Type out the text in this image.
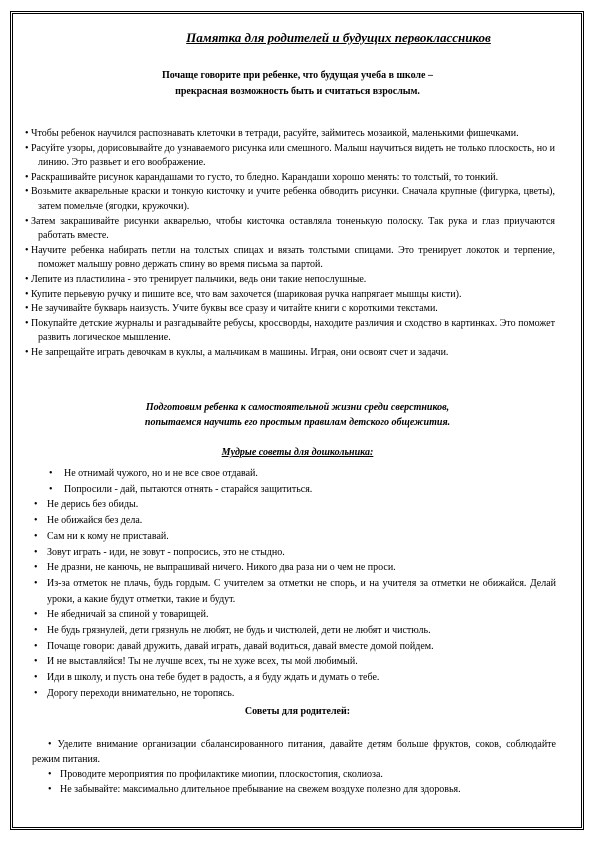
Памятка для родителей и будущих первоклассников
Почаще говорите при ребенке, что будущая учеба в школе –
прекрасная возможность быть и считаться взрослым.
• Чтобы ребенок научился распознавать клеточки в тетради, расуйте, займитесь мозаикой, маленькими фишечками.
• Расуйте узоры, дорисовывайте до узнаваемого рисунка или смешного. Малыш научиться видеть не только плоскость, но и линию. Это развьет и его воображение.
• Раскрашивайте рисунок карандашами то густо, то бледно. Карандаши хорошо менять: то толстый, то тонкий.
• Возьмите акварельные краски и тонкую кисточку и учите ребенка обводить рисунки. Сначала крупные (фигурка, цветы), затем помельче (ягодки, кружочки).
• Затем закрашивайте рисунки акварелью, чтобы кисточка оставляла тоненькую полоску. Так рука и глаз приучаются работать вместе.
• Научите ребенка набирать петли на толстых спицах и вязать толстыми спицами. Это тренирует локоток и терпение, поможет малышу ровно держать спину во время письма за партой.
• Лепите из пластилина - это тренирует пальчики, ведь они такие непослушные.
• Купите перьевую ручку и пишите все, что вам захочется (шариковая ручка напрягает мышцы кисти).
• Не заучивайте букварь наизусть. Учите буквы все сразу и читайте книги с короткими текстами.
• Покупайте детские журналы и разгадывайте ребусы, кроссворды, находите различия и сходство в картинках. Это поможет развить логическое мышление.
• Не запрещайте играть девочкам в куклы, а мальчикам в машины. Играя, они освоят счет и задачи.
Подготовим ребенка к самостоятельной жизни среди сверстников,
попытаемся научить его простым правилам детского общежития.
Мудрые советы для дошкольника:
• Не отнимай чужого, но и не все свое отдавай.
• Попросили - дай, пытаются отнять - старайся защититься.
• Не дерись без обиды.
• Не обижайся без дела.
• Сам ни к кому не приставай.
• Зовут играть - иди, не зовут - попросись, это не стыдно.
• Не дразни, не канючь, не выпрашивай ничего. Никого два раза ни о чем не проси.
• Из-за отметок не плачь, будь гордым. С учителем за отметки не спорь, и на учителя за отметки не обижайся. Делай уроки, а какие будут отметки, такие и будут.
• Не ябедничай за спиной у товарищей.
• Не будь грязнулей, дети грязнуль не любят, не будь и чистюлей, дети не любят и чистюль.
• Почаще говори: давай дружить, давай играть, давай водиться, давай вместе домой пойдем.
• И не выставляйся! Ты не лучше всех, ты не хуже всех, ты мой любимый.
• Иди в школу, и пусть она тебе будет в радость, а я буду ждать и думать о тебе.
• Дорогу переходи внимательно, не торопясь.
Советы для родителей:
• Уделите внимание организации сбалансированного питания, давайте детям больше фруктов, соков, соблюдайте режим питания.
• Проводите мероприятия по профилактике миопии, плоскостопия, сколиоза.
• Не забывайте: максимально длительное пребывание на свежем воздухе полезно для здоровья.
